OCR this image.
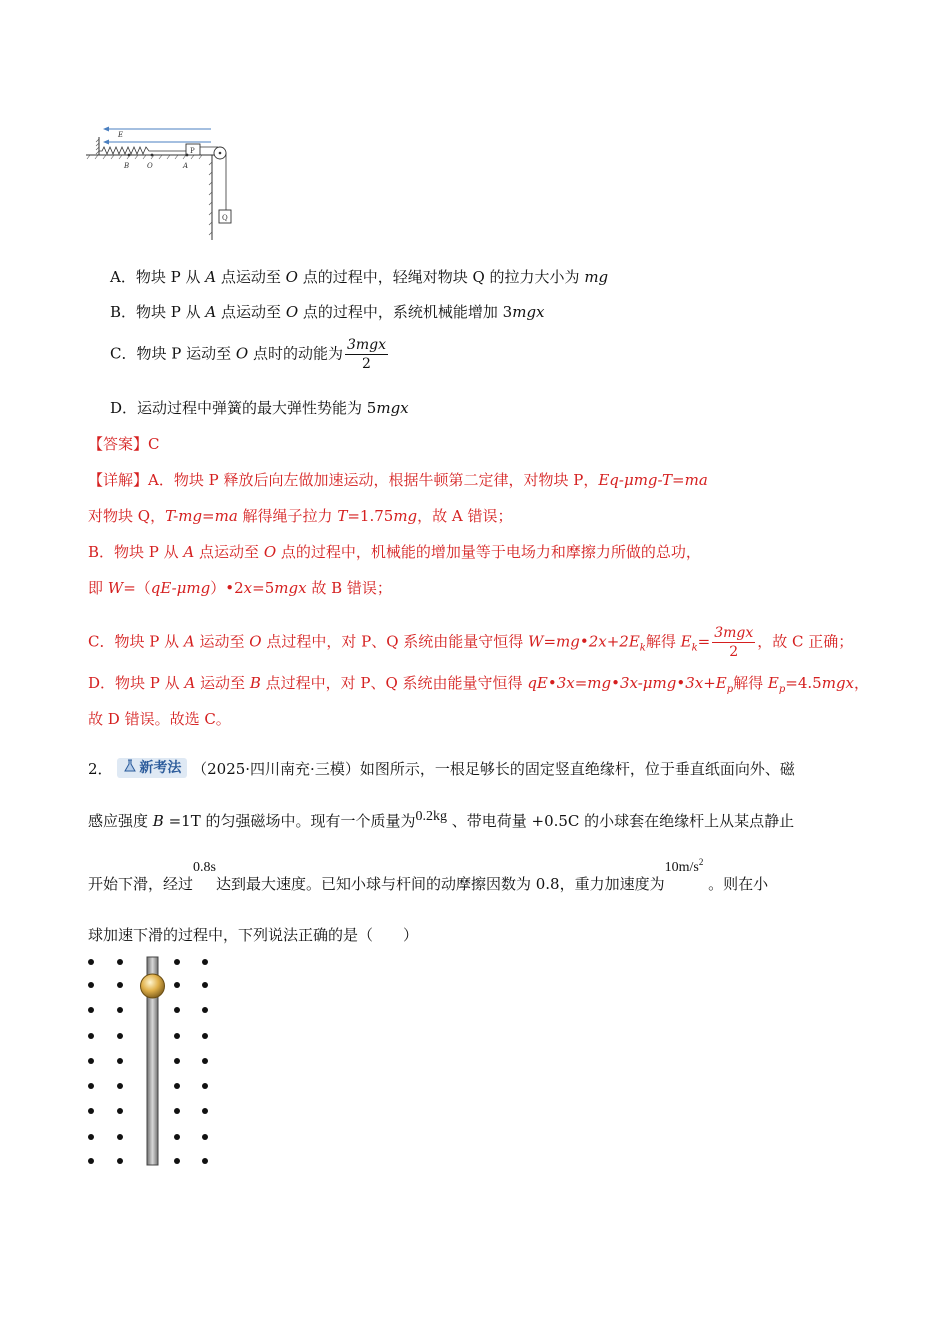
E
P
Q
B	O	A
A．物块 P 从 A 点运动至 O 点的过程中，轻绳对物块 Q 的拉力大小为 mg
B．物块 P 从 A 点运动至 O 点的过程中，系统机械能增加 3mgx
C．物块 P 运动至 O 点时的动能为 $\frac{\text{3mgx}}{2}$
D．运动过程中弹簧的最大弹性势能为 5mgx
【答案】C
【详解】A．物块 P 释放后向左做加速运动，根据牛顿第二定律，对物块 P，Eq-μmg-T=ma
对物块 Q，T-mg=ma 解得绳子拉力 T=1.75mg，故 A 错误；
B．物块 P 从 A 点运动至 O 点的过程中，机械能的增加量等于电场力和摩擦力所做的总功，
即 W=（qE-μmg）•2x=5mgx 故 B 错误；
C．物块 P 从 A 运动至 O 点过程中，对 P、Q 系统由能量守恒得 $W=mg•2x+2E_k$解得 $E_k= \frac{\text{3mgx}}{2}$ ，故 C 正确；
D．物块 P 从 A 运动至 B 点过程中，对 P、Q 系统由能量守恒得 $qE•3x=mg•3x-\mu mg•3x+E_p$解得 $E_p=4.5mgx$，
故 D 错误。故选 C。
2． 新考法 （2025·四川南充·三模）如图所示，一根足够长的固定竖直绝缘杆，位于垂直纸面向外、磁
感应强度 B =1T 的匀强磁场中。现有一个质量为0.2kg 、带电荷量 +0.5C 的小球套在绝缘杆上从某点静止
开始下滑，经过0.8s达到最大速度。已知小球与杆间的动摩擦因数为 0.8，重力加速度为$10m/s^2$ 。则在小
球加速下滑的过程中，下列说法正确的是（　　）
